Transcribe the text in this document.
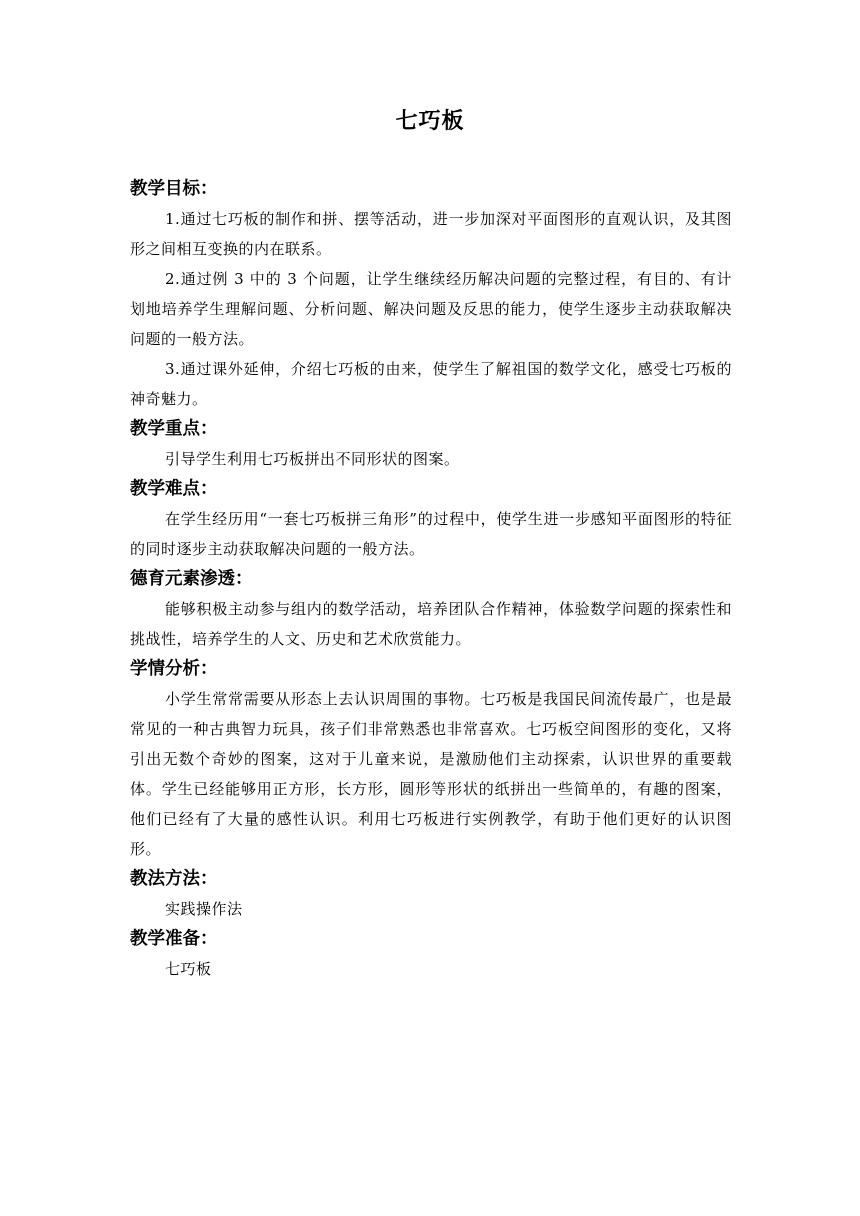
七巧板
教学目标：

1.通过七巧板的制作和拼、摆等活动，进一步加深对平面图形的直观认识，及其图形之间相互变换的内在联系。

2.通过例 3 中的 3 个问题，让学生继续经历解决问题的完整过程，有目的、有计划地培养学生理解问题、分析问题、解决问题及反思的能力，使学生逐步主动获取解决问题的一般方法。

3.通过课外延伸，介绍七巧板的由来，使学生了解祖国的数学文化，感受七巧板的神奇魅力。

教学重点：

引导学生利用七巧板拼出不同形状的图案。

教学难点：

在学生经历用“一套七巧板拼三角形”的过程中，使学生进一步感知平面图形的特征的同时逐步主动获取解决问题的一般方法。

德育元素渗透：

能够积极主动参与组内的数学活动，培养团队合作精神，体验数学问题的探索性和挑战性，培养学生的人文、历史和艺术欣赏能力。

学情分析：

小学生常常需要从形态上去认识周围的事物。七巧板是我国民间流传最广，也是最常见的一种古典智力玩具，孩子们非常熟悉也非常喜欢。七巧板空间图形的变化，又将引出无数个奇妙的图案，这对于儿童来说，是激励他们主动探索，认识世界的重要载体。学生已经能够用正方形，长方形，圆形等形状的纸拼出一些简单的，有趣的图案，他们已经有了大量的感性认识。利用七巧板进行实例教学，有助于他们更好的认识图形。

教法方法：

实践操作法

教学准备：

七巧板
